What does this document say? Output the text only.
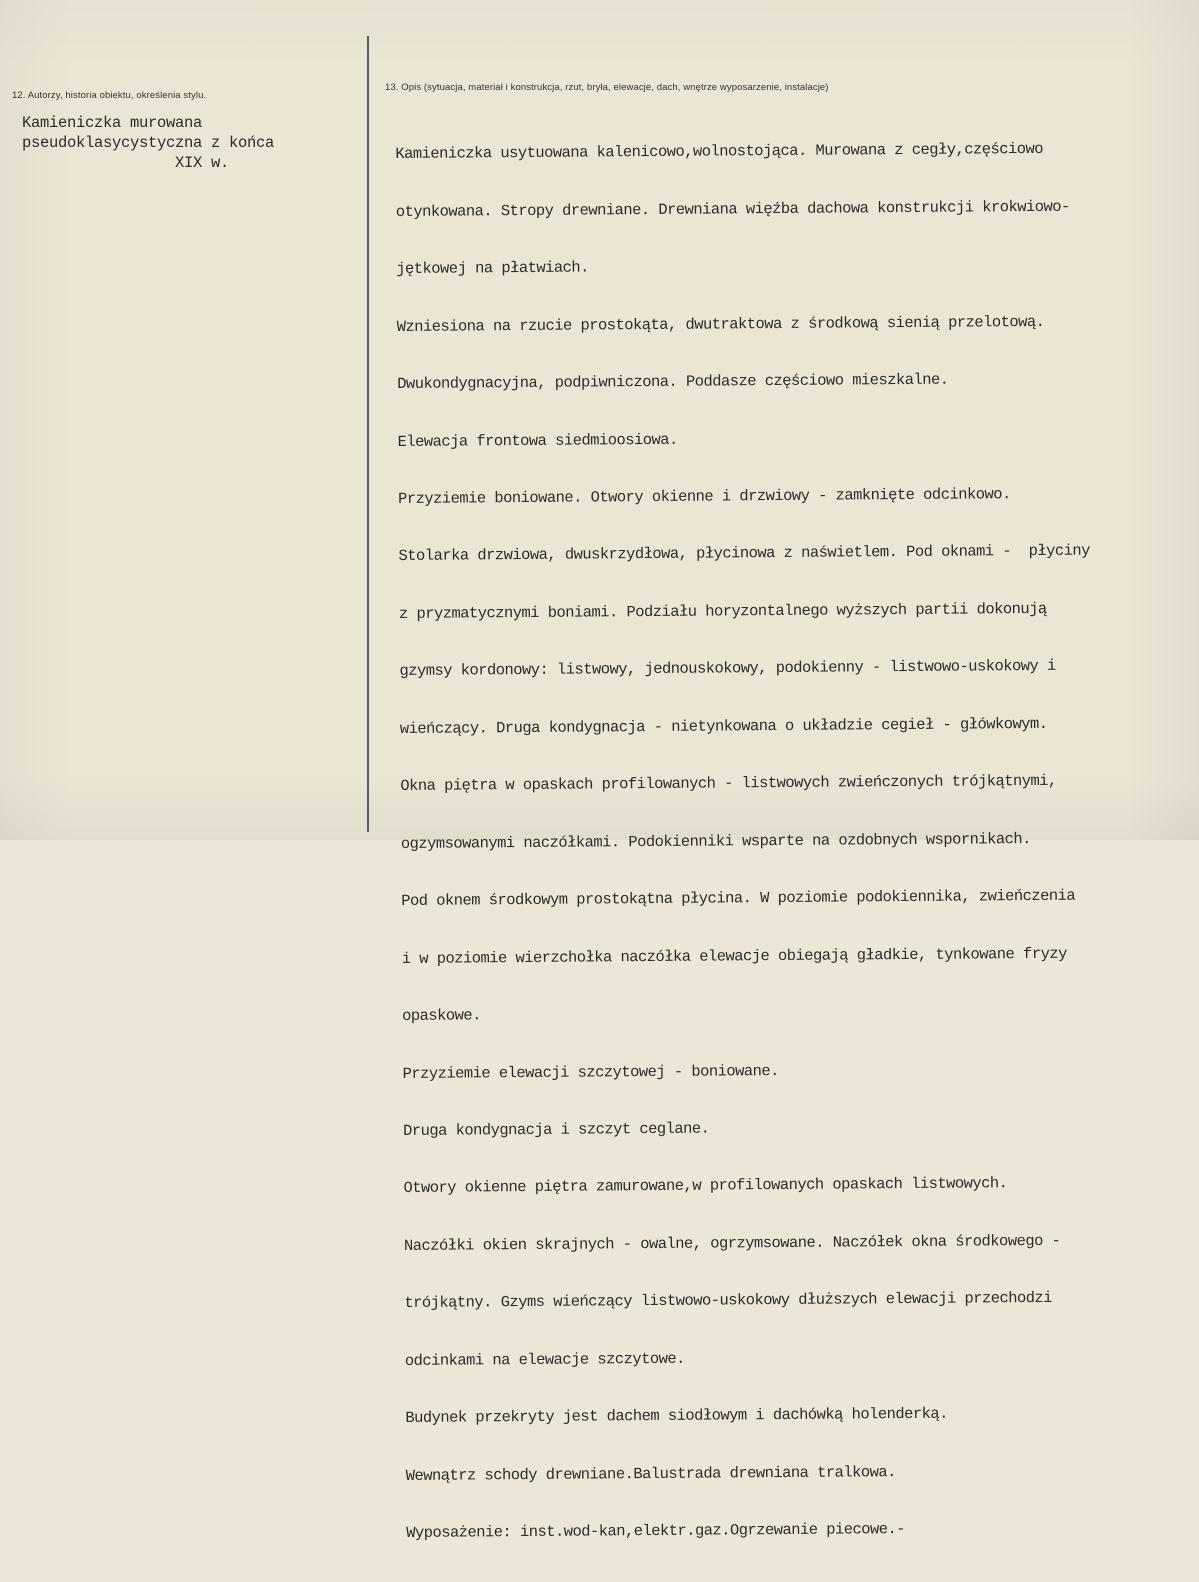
12. Autorzy, historia obiektu, określenia stylu.
Kamieniczka murowana
pseudoklasycystyczna z końca
XIX w.
13. Opis (sytuacja, materiał i konstrukcja, rzut, bryła, elewacje, dach, wnętrze wyposarzenie, instalacje)

Kamieniczka usytuowana kalenicowo,wolnostojąca. Murowana z cegły,częściowo

otynkowana. Stropy drewniane. Drewniana więźba dachowa konstrukcji krokwiowo-

jętkowej na płatwiach.

Wzniesiona na rzucie prostokąta, dwutraktowa z środkową sienią przelotową.

Dwukondygnacyjna, podpiwniczona. Poddasze częściowo mieszkalne.

Elewacja frontowa siedmioosiowa.

Przyziemie boniowane. Otwory okienne i drzwiowy - zamknięte odcinkowo.

Stolarka drzwiowa, dwuskrzydłowa, płycinowa z naświetlem. Pod oknami -  płyciny

z pryzmatycznymi boniami. Podziału horyzontalnego wyższych partii dokonują

gzymsy kordonowy: listwowy, jednouskokowy, podokienny - listwowo-uskokowy i

wieńczący. Druga kondygnacja - nietynkowana o układzie cegieł - główkowym.

Okna piętra w opaskach profilowanych - listwowych zwieńczonych trójkątnymi,

ogzymsowanymi naczółkami. Podokienniki wsparte na ozdobnych wspornikach.

Pod oknem środkowym prostokątna płycina. W poziomie podokiennika, zwieńczenia

i w poziomie wierzchołka naczółka elewacje obiegają gładkie, tynkowane fryzy

opaskowe.

Przyziemie elewacji szczytowej - boniowane.

Druga kondygnacja i szczyt ceglane.

Otwory okienne piętra zamurowane,w profilowanych opaskach listwowych.

Naczółki okien skrajnych - owalne, ogrzymsowane. Naczółek okna środkowego -

trójkątny. Gzyms wieńczący listwowo-uskokowy dłuższych elewacji przechodzi

odcinkami na elewacje szczytowe.

Budynek przekryty jest dachem siodłowym i dachówką holenderką.

Wewnątrz schody drewniane.Balustrada drewniana tralkowa.

Wyposażenie: inst.wod-kan,elektr.gaz.Ogrzewanie piecowe.-
